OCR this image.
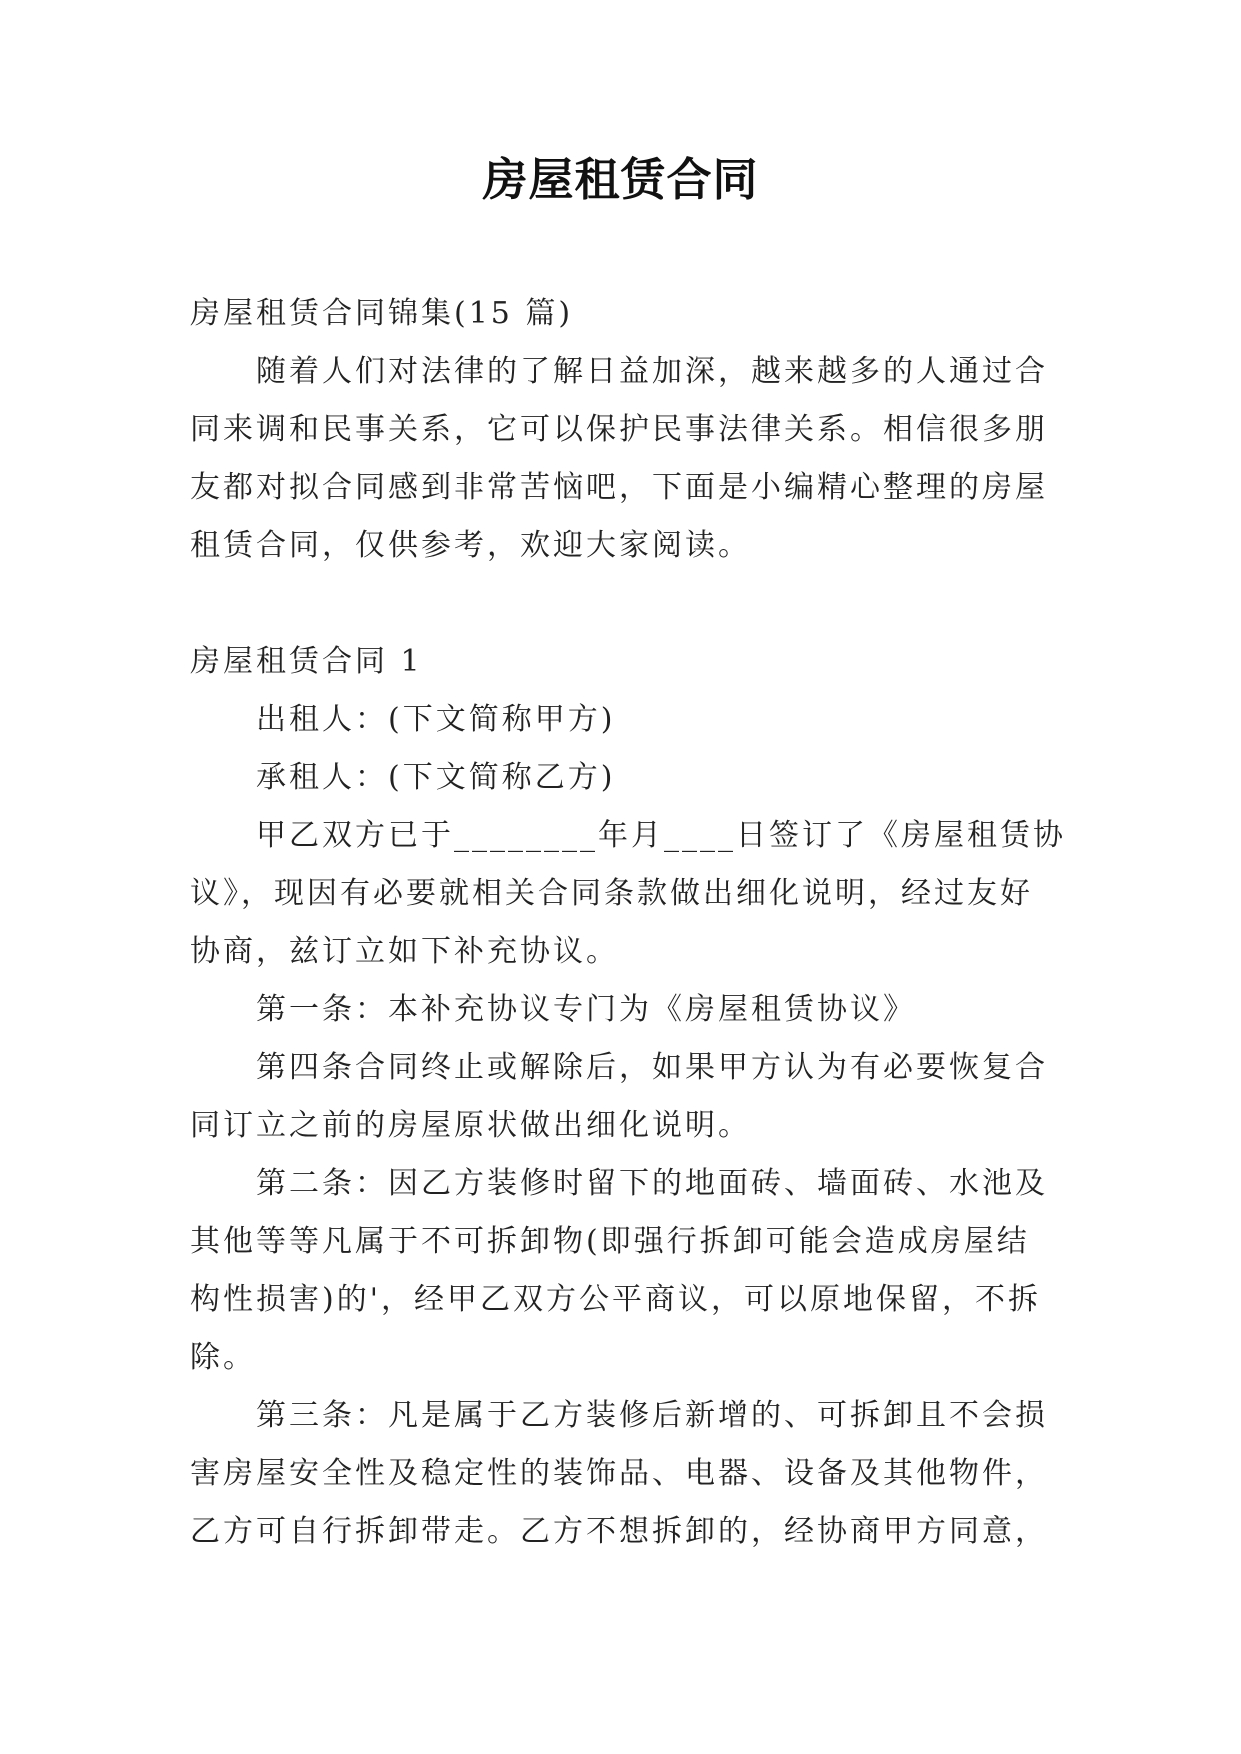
房屋租赁合同
房屋租赁合同锦集(15 篇)
随着人们对法律的了解日益加深，越来越多的人通过合
同来调和民事关系，它可以保护民事法律关系。相信很多朋
友都对拟合同感到非常苦恼吧，下面是小编精心整理的房屋
租赁合同，仅供参考，欢迎大家阅读。
房屋租赁合同 1
出租人：(下文简称甲方)
承租人：(下文简称乙方)
甲乙双方已于________年月____日签订了《房屋租赁协
议》，现因有必要就相关合同条款做出细化说明，经过友好
协商，兹订立如下补充协议。
第一条：本补充协议专门为《房屋租赁协议》
第四条合同终止或解除后，如果甲方认为有必要恢复合
同订立之前的房屋原状做出细化说明。
第二条：因乙方装修时留下的地面砖、墙面砖、水池及
其他等等凡属于不可拆卸物(即强行拆卸可能会造成房屋结
构性损害)的'，经甲乙双方公平商议，可以原地保留，不拆
除。
第三条：凡是属于乙方装修后新增的、可拆卸且不会损
害房屋安全性及稳定性的装饰品、电器、设备及其他物件，
乙方可自行拆卸带走。乙方不想拆卸的，经协商甲方同意，
